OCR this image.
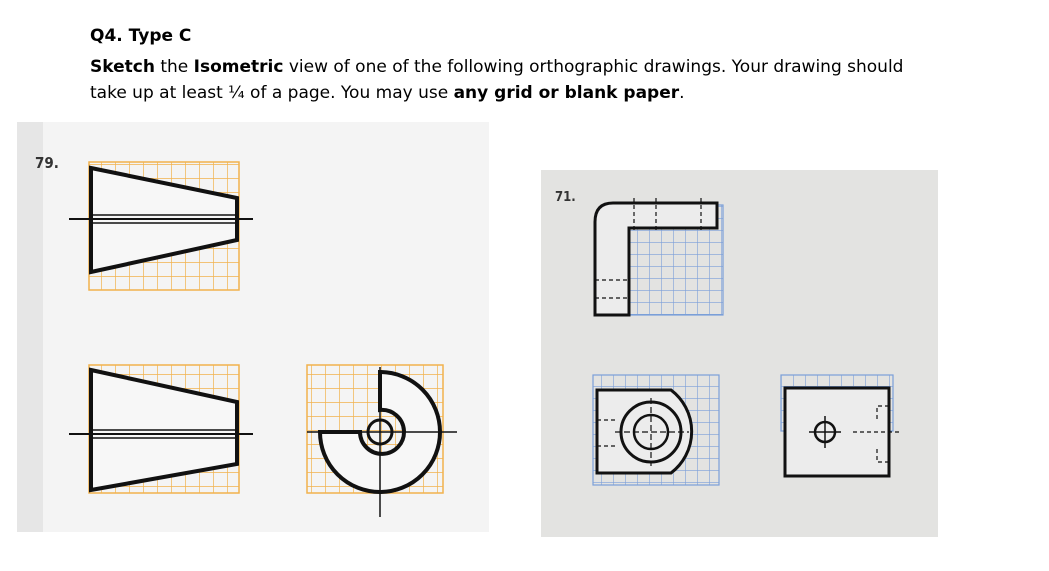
Q4. Type C
Sketch the Isometric view of one of the following orthographic drawings. Your drawing should
take up at least ¼ of a page. You may use any grid or blank paper.
79.
71.
